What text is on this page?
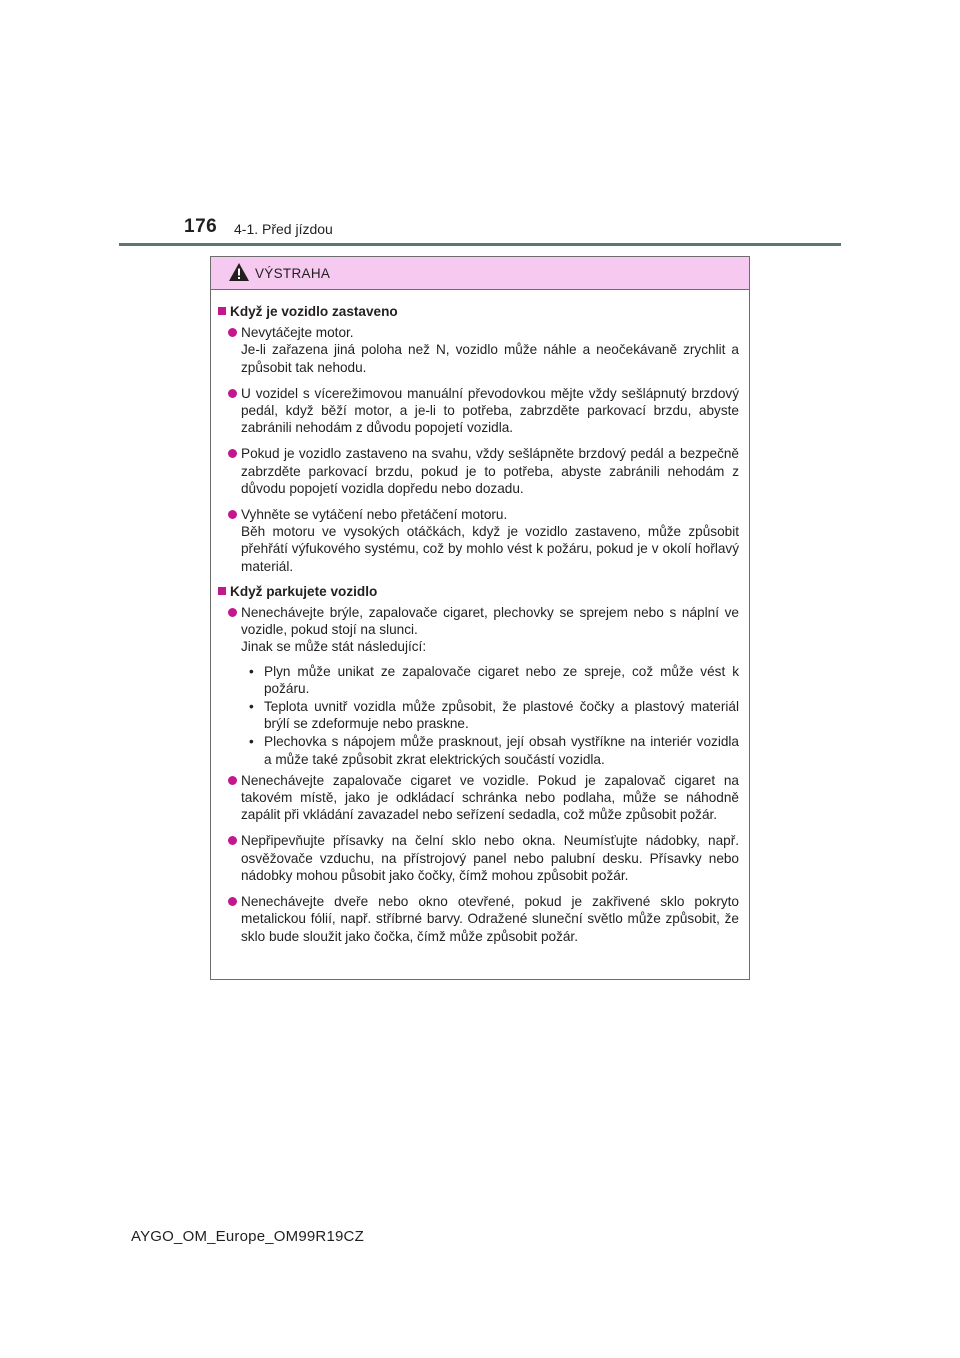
176 4-1. Před jízdou
VÝSTRAHA
Když je vozidlo zastaveno
Nevytáčejte motor.
Je-li zařazena jiná poloha než N, vozidlo může náhle a neočekávaně zrychlit a způsobit tak nehodu.
U vozidel s vícerežimovou manuální převodovkou mějte vždy sešlápnutý brzdový pedál, když běží motor, a je-li to potřeba, zabrzděte parkovací brzdu, abyste zabránili nehodám z důvodu popojetí vozidla.
Pokud je vozidlo zastaveno na svahu, vždy sešlápněte brzdový pedál a bezpečně zabrzděte parkovací brzdu, pokud je to potřeba, abyste zabránili nehodám z důvodu popojetí vozidla dopředu nebo dozadu.
Vyhněte se vytáčení nebo přetáčení motoru.
Běh motoru ve vysokých otáčkách, když je vozidlo zastaveno, může způsobit přehřátí výfukového systému, což by mohlo vést k požáru, pokud je v okolí hořlavý materiál.
Když parkujete vozidlo
Nenechávejte brýle, zapalovače cigaret, plechovky se sprejem nebo s náplní ve vozidle, pokud stojí na slunci.
Jinak se může stát následující:
• Plyn může unikat ze zapalovače cigaret nebo ze spreje, což může vést k požáru.
• Teplota uvnitř vozidla může způsobit, že plastové čočky a plastový materiál brýlí se zdeformuje nebo praskne.
• Plechovka s nápojem může prasknout, její obsah vystříkne na interiér vozidla a může také způsobit zkrat elektrických součástí vozidla.
Nenechávejte zapalovače cigaret ve vozidle. Pokud je zapalovač cigaret na takovém místě, jako je odkládací schránka nebo podlaha, může se náhodně zapálit při vkládání zavazadel nebo seřízení sedadla, což může způsobit požár.
Nepřipevňujte přísavky na čelní sklo nebo okna. Neumísťujte nádobky, např. osvěžovače vzduchu, na přístrojový panel nebo palubní desku. Přísavky nebo nádobky mohou působit jako čočky, čímž mohou způsobit požár.
Nenechávejte dveře nebo okno otevřené, pokud je zakřivené sklo pokryto metalickou fólií, např. stříbrné barvy. Odražené sluneční světlo může způsobit, že sklo bude sloužit jako čočka, čímž může způsobit požár.
AYGO_OM_Europe_OM99R19CZ
